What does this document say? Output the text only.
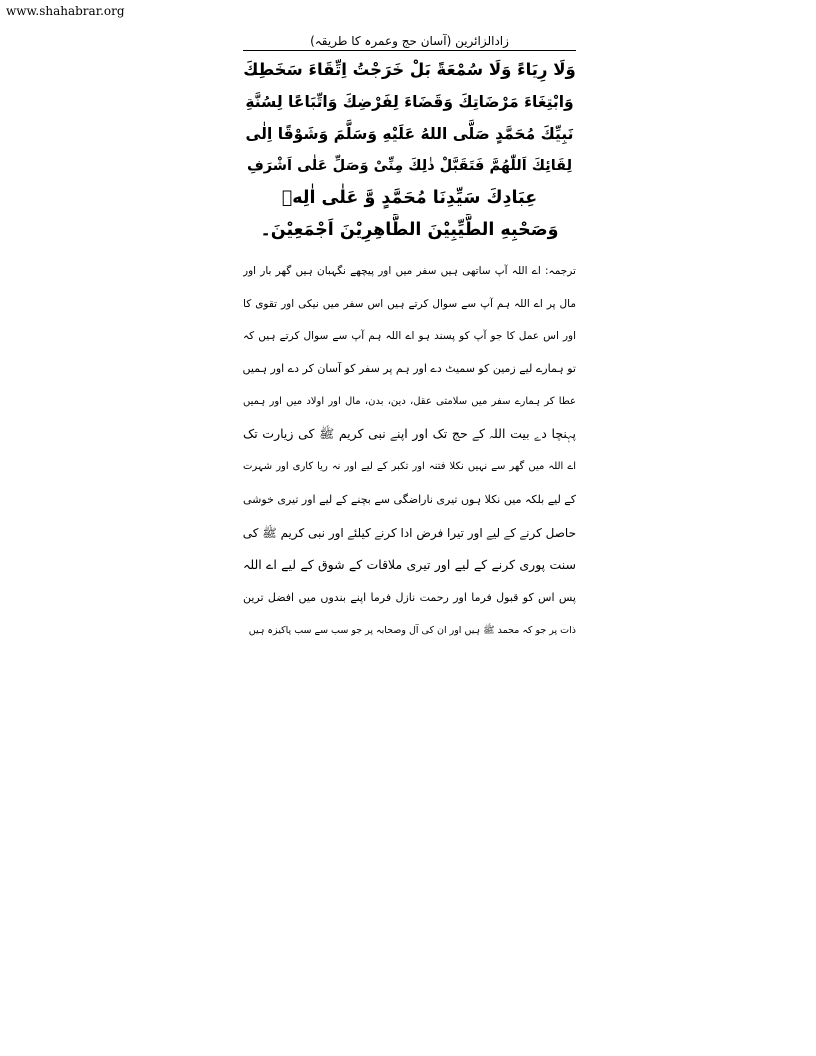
www.shahabrar.org
زادالزائرین (آسان حج وعمرہ کا طریقہ)
وَلَا رِيَاءً وَلَا سُمْعَةً بَلْ خَرَجْتُ اِتِّقَاءَ سَخَطِكَ
وَابْتِغَاءَ مَرْضَاتِكَ وَقَضَاءَ لِفَرْضِكَ وَاتِّبَاعًا لِسُنَّةِ
نَبِيِّكَ مُحَمَّدٍ صَلَّى اللهُ عَلَيْهِ وَسَلَّمَ وَشَوْقًا اِلٰى
لِقَائِكَ اَللّٰهُمَّ فَتَقَبَّلْ ذٰلِكَ مِنِّىْ وَصَلِّ عَلٰى اَشْرَفِ
عِبَادِكَ سَيِّدِنَا مُحَمَّدٍ وَّ عَلٰى اٰلِهٖ
وَصَحْبِهِ الطَّيِّبِيْنَ الطَّاهِرِيْنَ اَجْمَعِيْنَ۔
ترجمہ: اے اللہ آپ ساتھی ہیں سفر میں اور پیچھے نگہبان ہیں گھر بار اور
مال پر اے اللہ ہم آپ سے سوال کرتے ہیں اس سفر میں نیکی اور تقوی کا
اور اس عمل کا جو آپ کو پسند ہو اے اللہ ہم آپ سے سوال کرتے ہیں کہ
تو ہمارے لیے زمین کو سمیٹ دے اور ہم پر سفر کو آسان کر دے اور ہمیں
عطا کر ہمارے سفر میں سلامتی عقل، دین، بدن، مال اور اولاد میں اور ہمیں
پہنچا دے بیت اللہ کے حج تک اور اپنے نبی کریم ﷺ کی زیارت تک
اے اللہ میں گھر سے نہیں نکلا فتنہ اور تکبر کے لیے اور نہ ریا کاری اور شہرت
کے لیے بلکہ میں نکلا ہوں تیری ناراضگی سے بچنے کے لیے اور تیری خوشی
حاصل کرنے کے لیے اور تیرا فرض ادا کرنے کیلئے اور نبی کریم ﷺ کی
سنت پوری کرنے کے لیے اور تیری ملاقات کے شوق کے لیے اے اللہ
پس اس کو قبول فرما اور رحمت نازل فرما اپنے بندوں میں افضل ترین
ذات پر جو کہ محمد ﷺ ہیں اور ان کی آل وصحابہ پر جو سب سے سب پاکیزہ ہیں
